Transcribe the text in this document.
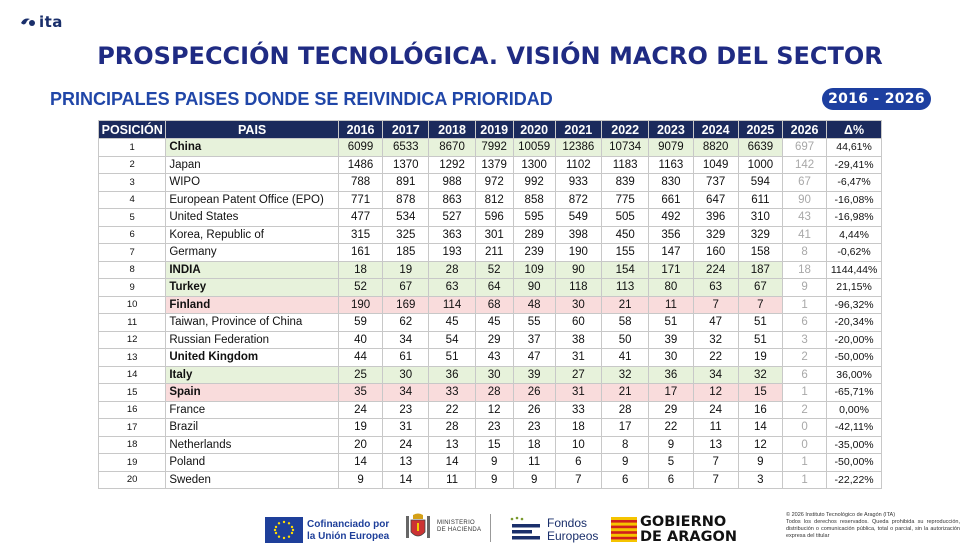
ita
PROSPECCIÓN TECNOLÓGICA. VISIÓN MACRO DEL SECTOR
PRINCIPALES PAISES DONDE SE REIVINDICA PRIORIDAD	2016 - 2026
POSICIÓN	PAIS	2016	2017	2018	2019	2020	2021	2022	2023	2024	2025	2026	Δ%
1	China	6099	6533	8670	7992	10059	12386	10734	9079	8820	6639	697	44,61%
2	Japan	1486	1370	1292	1379	1300	1102	1183	1163	1049	1000	142	-29,41%
3	WIPO	788	891	988	972	992	933	839	830	737	594	67	-6,47%
4	European Patent Office (EPO)	771	878	863	812	858	872	775	661	647	611	90	-16,08%
5	United States	477	534	527	596	595	549	505	492	396	310	43	-16,98%
6	Korea, Republic of	315	325	363	301	289	398	450	356	329	329	41	4,44%
7	Germany	161	185	193	211	239	190	155	147	160	158	8	-0,62%
8	INDIA	18	19	28	52	109	90	154	171	224	187	18	1144,44%
9	Turkey	52	67	63	64	90	118	113	80	63	67	9	21,15%
10	Finland	190	169	114	68	48	30	21	11	7	7	1	-96,32%
11	Taiwan, Province of China	59	62	45	45	55	60	58	51	47	51	6	-20,34%
12	Russian Federation	40	34	54	29	37	38	50	39	32	51	3	-20,00%
13	United Kingdom	44	61	51	43	47	31	41	30	22	19	2	-50,00%
14	Italy	25	30	36	30	39	27	32	36	34	32	6	36,00%
15	Spain	35	34	33	28	26	31	21	17	12	15	1	-65,71%
16	France	24	23	22	12	26	33	28	29	24	16	2	0,00%
17	Brazil	19	31	28	23	23	18	17	22	11	14	0	-42,11%
18	Netherlands	20	24	13	15	18	10	8	9	13	12	0	-35,00%
19	Poland	14	13	14	9	11	6	9	5	7	9	1	-50,00%
20	Sweden	9	14	11	9	9	7	6	6	7	3	1	-22,22%
Cofinanciado por
la Unión Europea
MINISTERIO
DE HACIENDA	Fondos
Europeos
GOBIERNO
DE ARAGON
© 2026 Instituto Tecnológico de Aragón (ITA)
Todos los derechos reservados. Queda prohibida su reproducción, distribución o comunicación pública, total o parcial, sin la autorización expresa del titular
